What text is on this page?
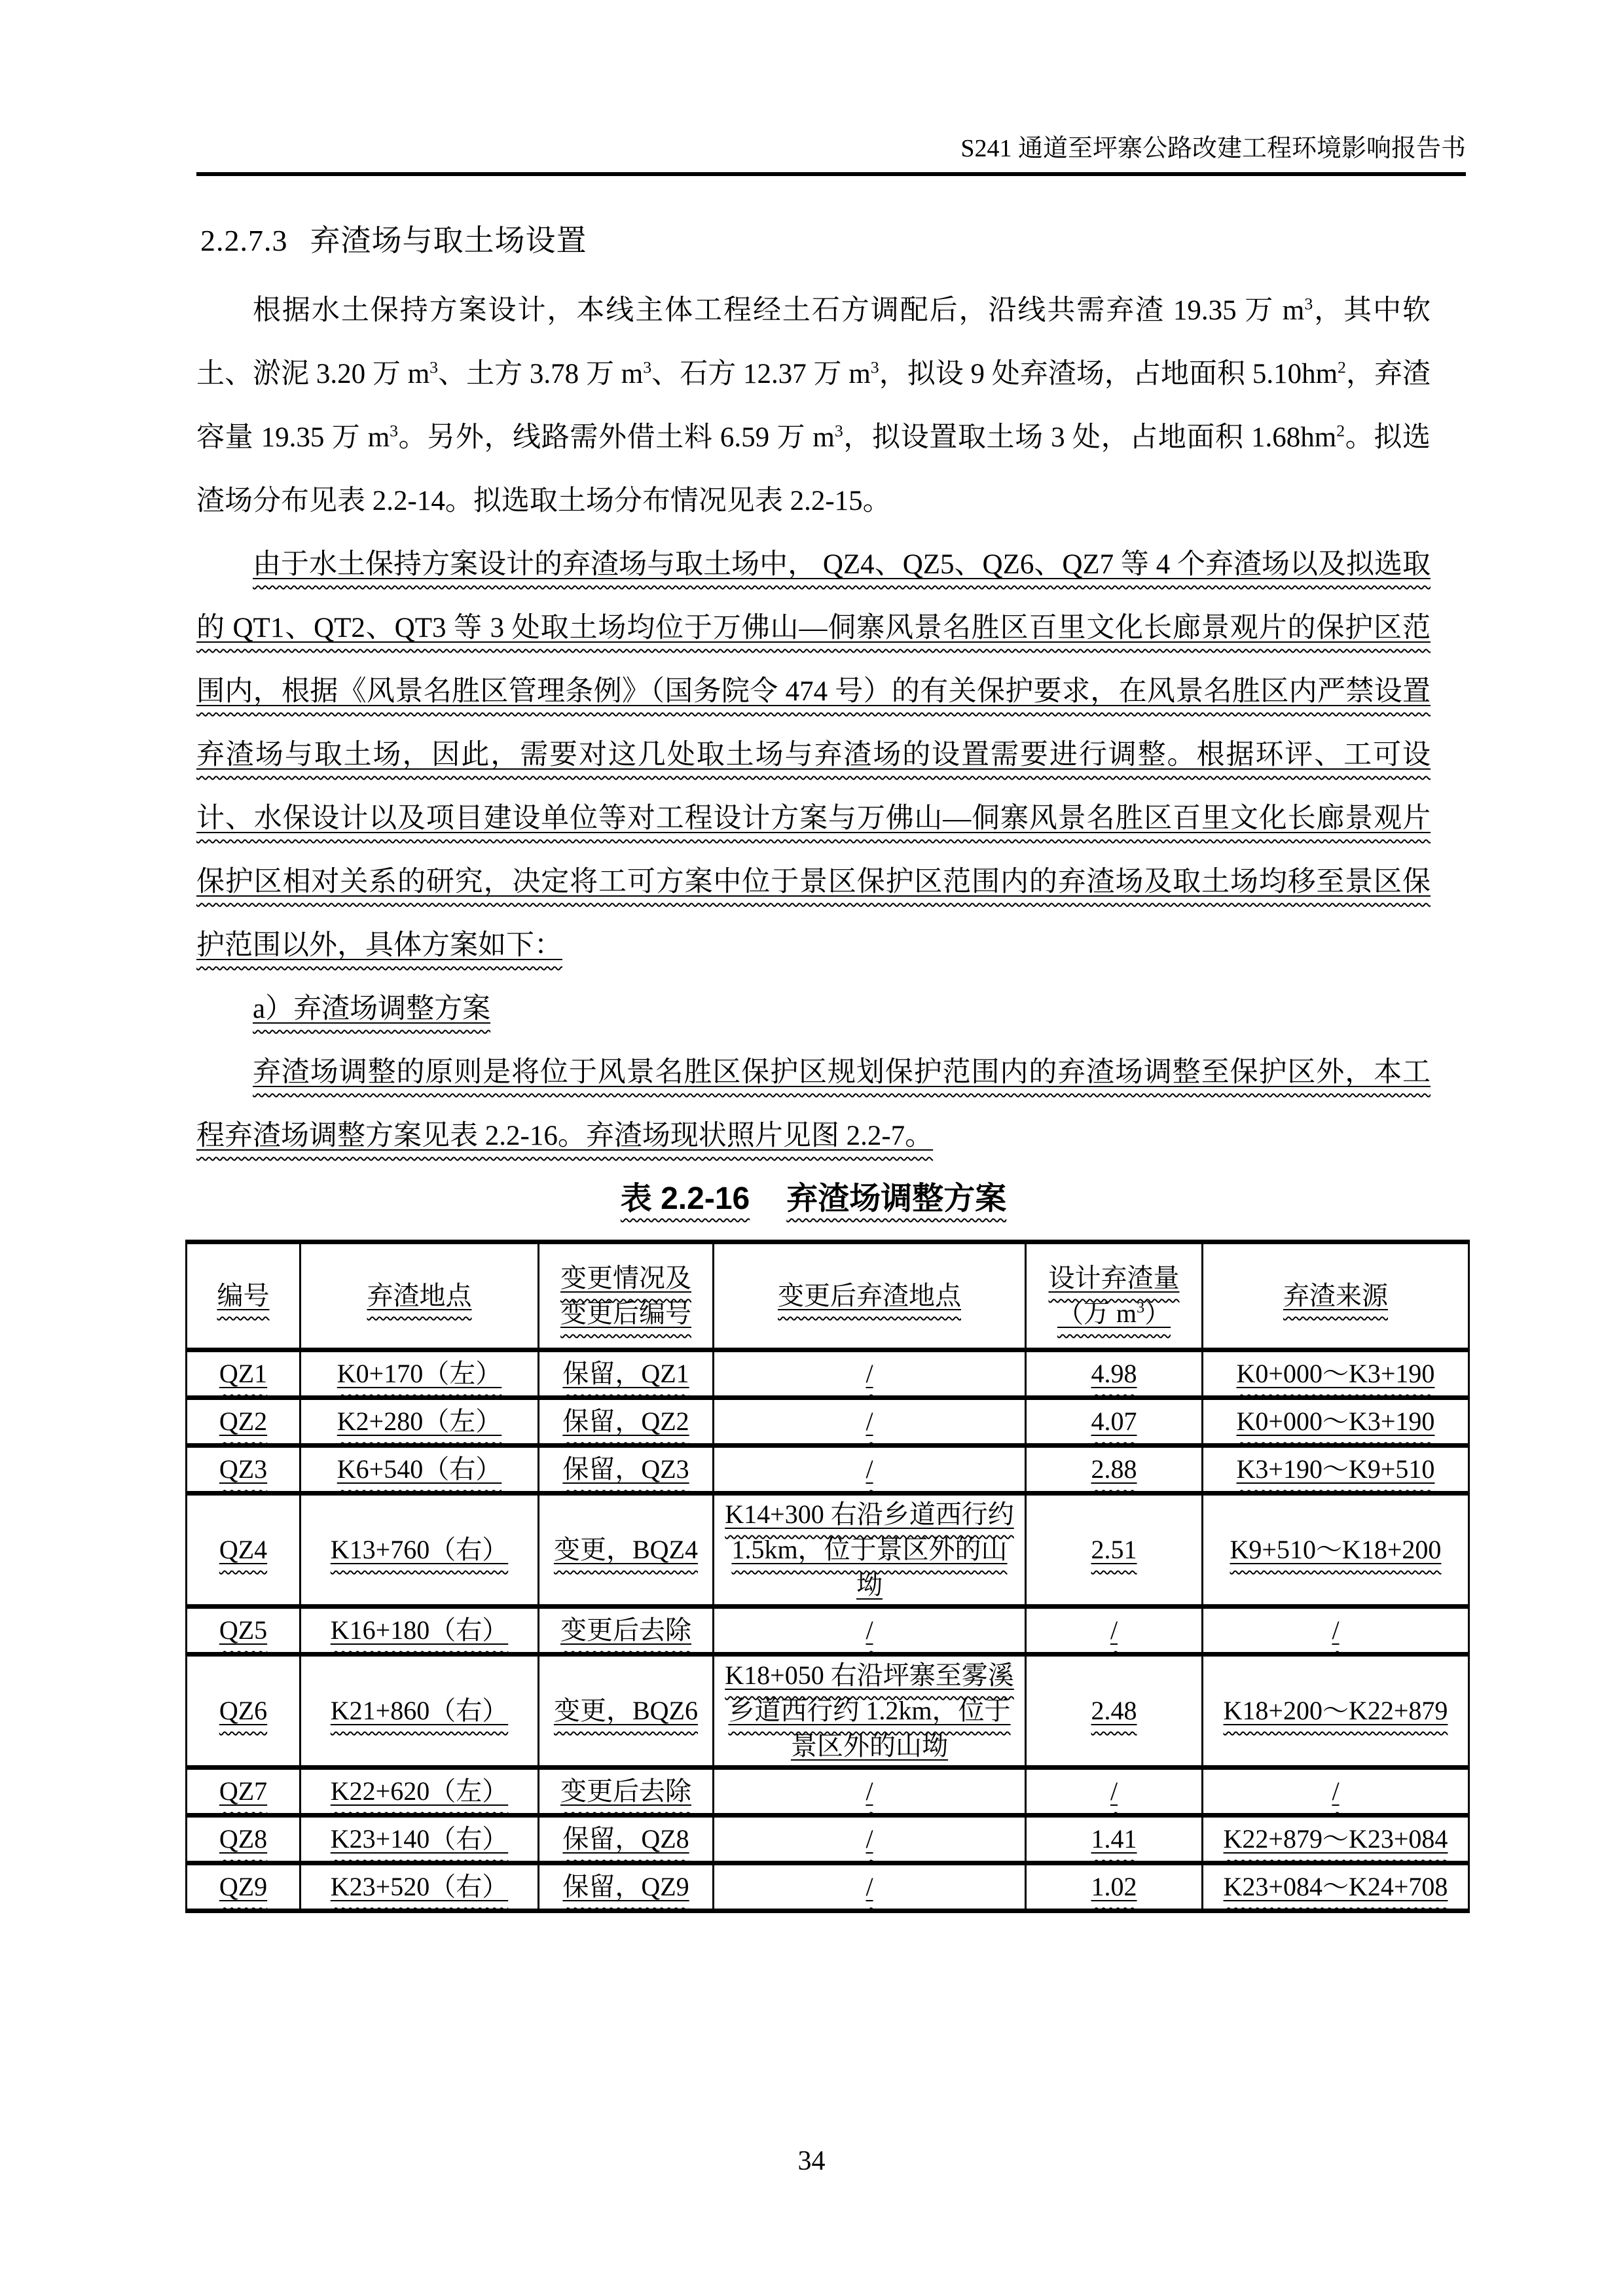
S241 通道至坪寨公路改建工程环境影响报告书
2.2.7.3 弃渣场与取土场设置

根据水土保持方案设计，本线主体工程经土石方调配后，沿线共需弃渣 19.35 万 $m^3$，其中软土、淤泥 3.20 万 $m^3$、土方 3.78 万 $m^3$、石方 12.37 万 $m^3$，拟设 9 处弃渣场，占地面积 $5.10hm^2$，弃渣容量 19.35 万 $m^3$。另外，线路需外借土料 6.59 万 $m^3$，拟设置取土场 3 处，占地面积 $1.68hm^2$。拟选渣场分布见表 2.2-14。拟选取土场分布情况见表 2.2-15。

由于水土保持方案设计的弃渣场与取土场中， QZ4、QZ5、QZ6、QZ7 等 4 个弃渣场以及拟选取的 QT1、QT2、QT3 等 3 处取土场均位于万佛山—侗寨风景名胜区百里文化长廊景观片的保护区范围内，根据《风景名胜区管理条例》（国务院令 474 号）的有关保护要求，在风景名胜区内严禁设置弃渣场与取土场，因此，需要对这几处取土场与弃渣场的设置需要进行调整。根据环评、工可设计、水保设计以及项目建设单位等对工程设计方案与万佛山—侗寨风景名胜区百里文化长廊景观片保护区相对关系的研究，决定将工可方案中位于景区保护区范围内的弃渣场及取土场均移至景区保护范围以外，具体方案如下：

a）弃渣场调整方案

弃渣场调整的原则是将位于风景名胜区保护区规划保护范围内的弃渣场调整至保护区外，本工程弃渣场调整方案见表 2.2-16。弃渣场现状照片见图 2.2-7。

表 2.2-16 弃渣场调整方案
编号	弃渣地点	变更情况及变更后编号	变更后弃渣地点	设计弃渣量（万 $m^3$）	弃渣来源
QZ1	K0+170（左）	保留，QZ1	/	4.98	K0+000～K3+190
QZ2	K2+280（左）	保留，QZ2	/	4.07	K0+000～K3+190
QZ3	K6+540（右）	保留，QZ3	/	2.88	K3+190～K9+510
QZ4	K13+760（右）	变更，BQZ4	K14+300 右沿乡道西行约 1.5km，位于景区外的山坳	2.51	K9+510～K18+200
QZ5	K16+180（右）	变更后去除	/	/	/
QZ6	K21+860（右）	变更，BQZ6	K18+050 右沿坪寨至雾溪乡道西行约 1.2km，位于景区外的山坳	2.48	K18+200～K22+879
QZ7	K22+620（左）	变更后去除	/	/	/
QZ8	K23+140（右）	保留，QZ8	/	1.41	K22+879～K23+084
QZ9	K23+520（右）	保留，QZ9	/	1.02	K23+084～K24+708
34
